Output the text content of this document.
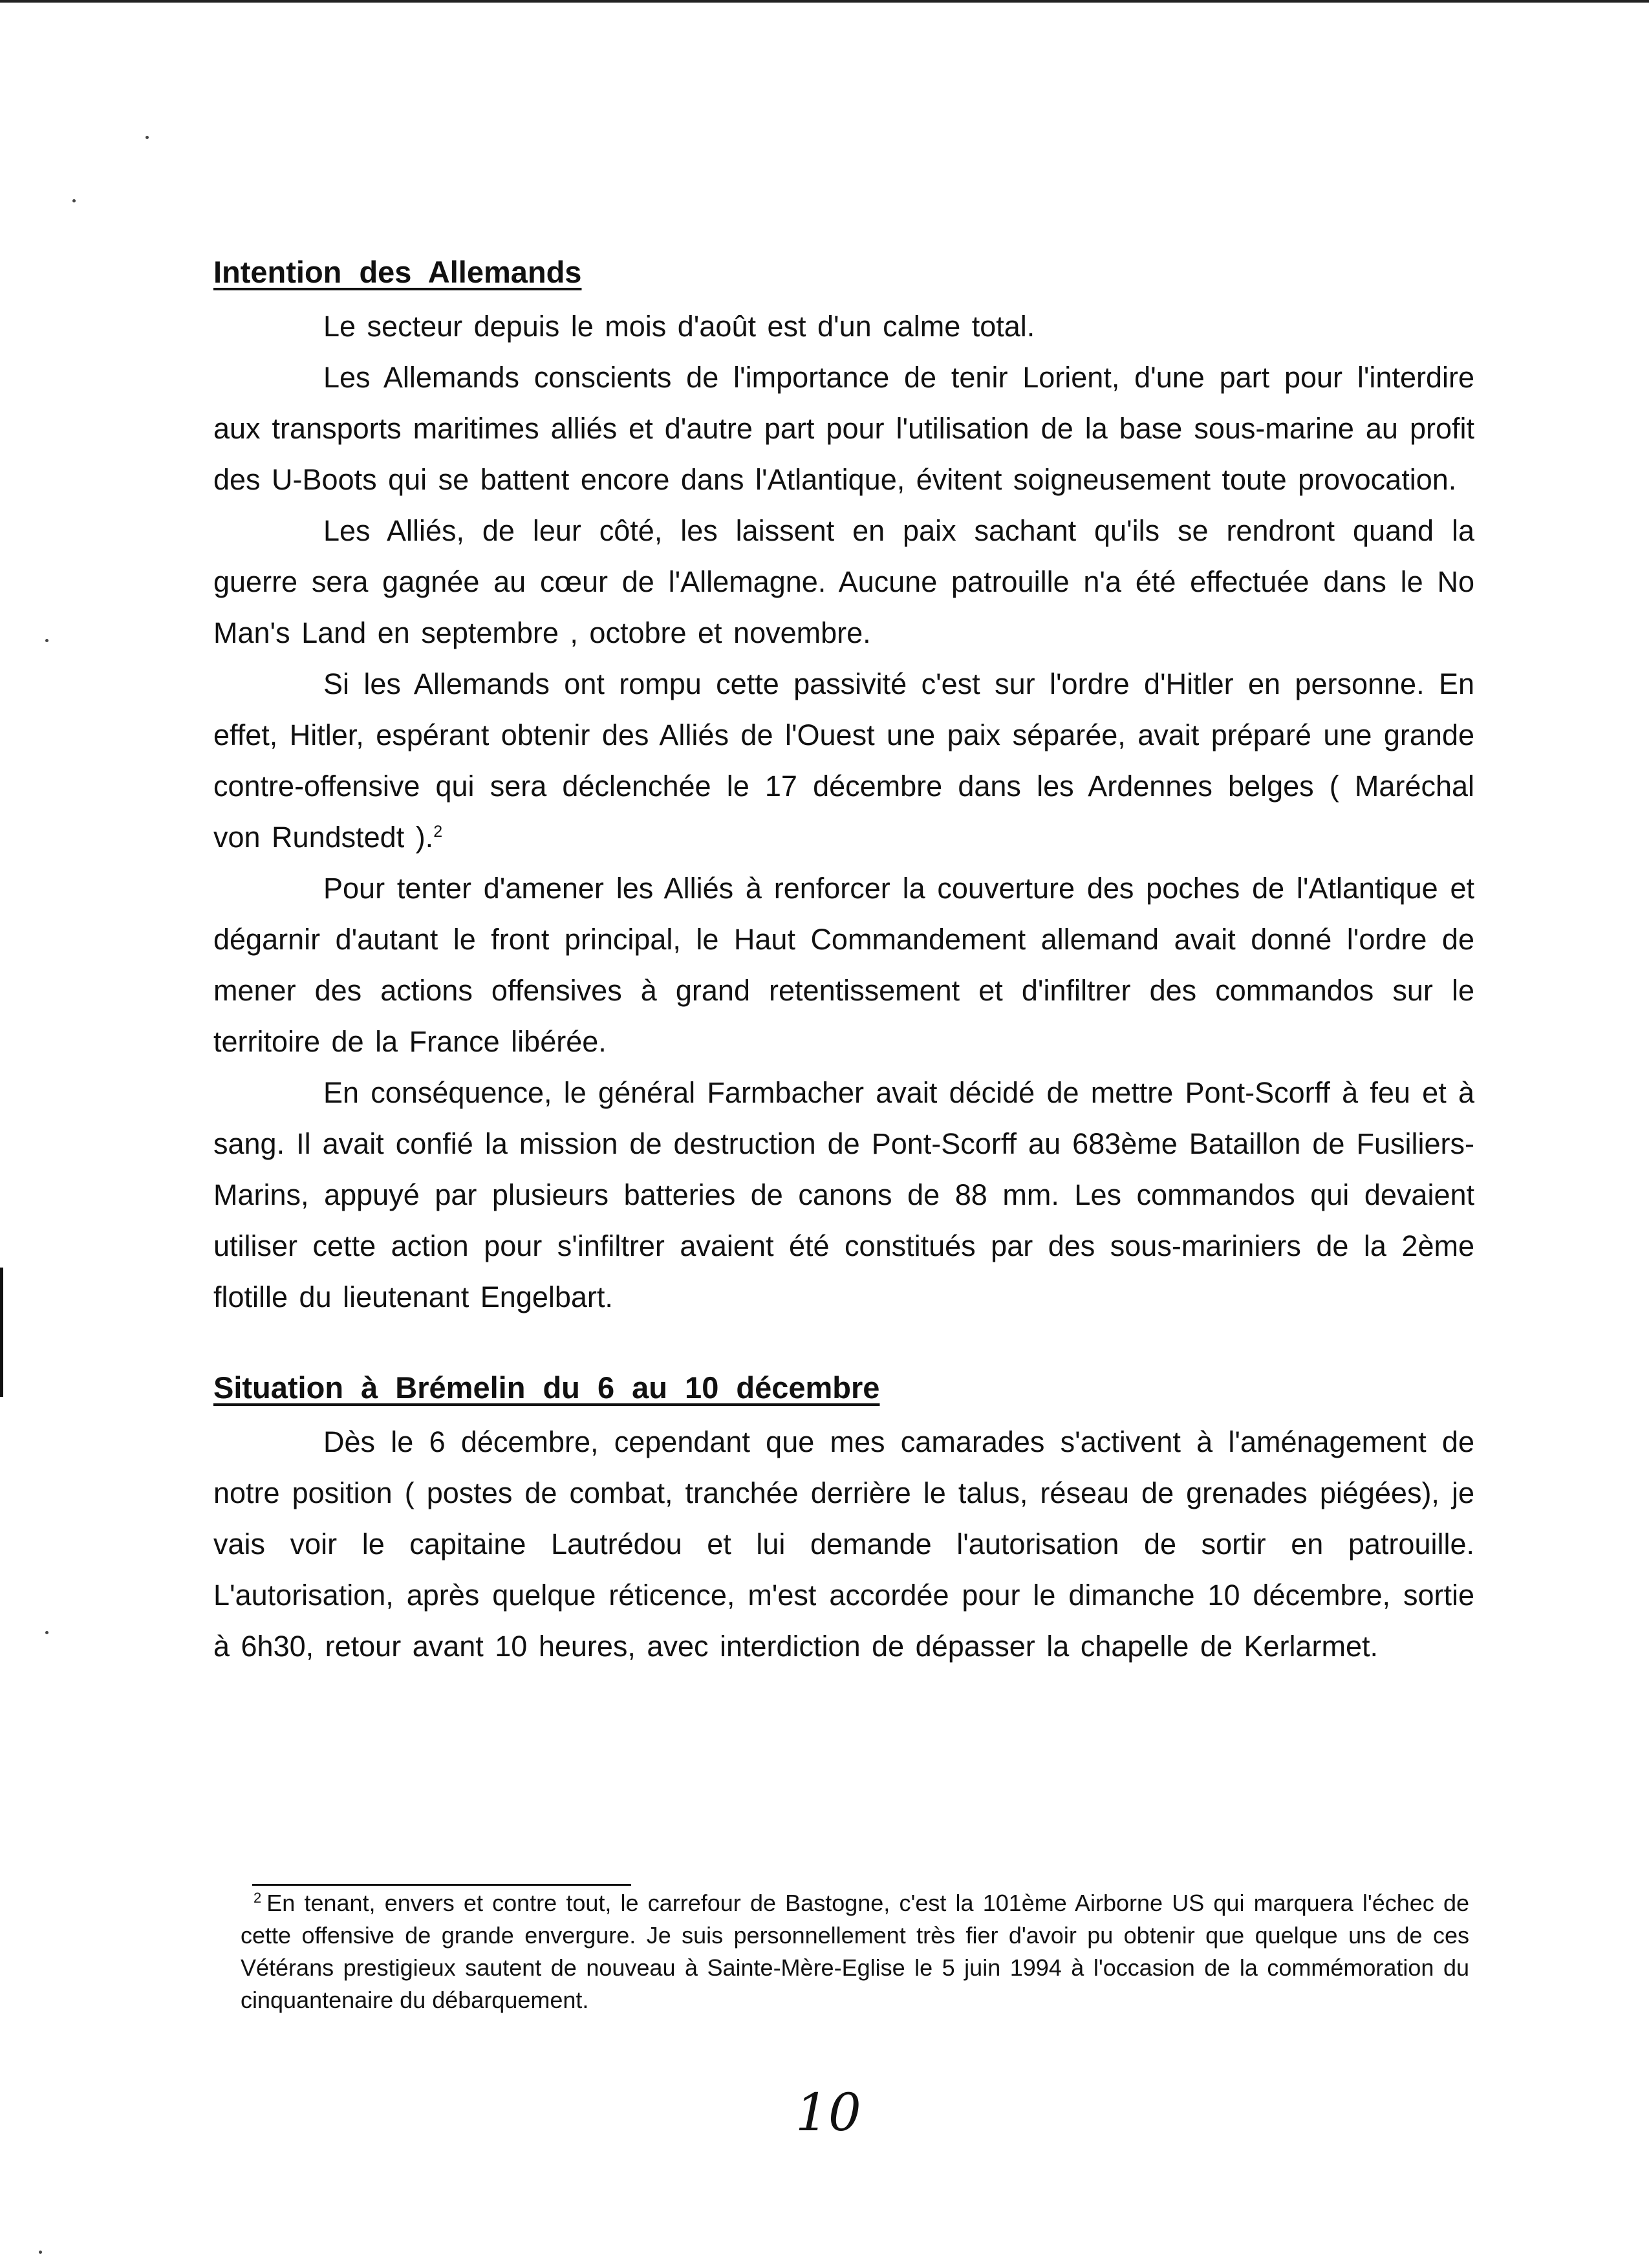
Intention des Allemands

Le secteur depuis le mois d'août est d'un calme total.

Les Allemands conscients de l'importance de tenir Lorient, d'une part pour l'interdire aux transports maritimes alliés et d'autre part pour l'utilisation de la base sous-marine au profit des U-Boots qui se battent encore dans l'Atlantique, évitent soigneusement toute provocation.

Les Alliés, de leur côté, les laissent en paix sachant qu'ils se rendront quand la guerre sera gagnée au cœur de l'Allemagne. Aucune patrouille n'a été effectuée dans le No Man's Land en septembre , octobre et novembre.

Si les Allemands ont rompu cette passivité c'est sur l'ordre d'Hitler en personne. En effet, Hitler, espérant obtenir des Alliés de l'Ouest une paix séparée, avait préparé une grande contre-offensive qui sera déclenchée le 17 décembre dans les Ardennes belges ( Maréchal von Rundstedt ).$^2$

Pour tenter d'amener les Alliés à renforcer la couverture des poches de l'Atlantique et dégarnir d'autant le front principal, le Haut Commandement allemand avait donné l'ordre de mener des actions offensives à grand retentissement et d'infiltrer des commandos sur le territoire de la France libérée.

En conséquence, le général Farmbacher avait décidé de mettre Pont-Scorff à feu et à sang. Il avait confié la mission de destruction de Pont-Scorff au 683ème Bataillon de Fusiliers-Marins, appuyé par plusieurs batteries de canons de 88 mm. Les commandos qui devaient utiliser cette action pour s'infiltrer avaient été constitués par des sous-mariniers de la 2ème flotille du lieutenant Engelbart.

Situation à Brémelin du 6 au 10 décembre

Dès le 6 décembre, cependant que mes camarades s'activent à l'aménagement de notre position ( postes de combat, tranchée derrière le talus, réseau de grenades piégées), je vais voir le capitaine Lautrédou et lui demande l'autorisation de sortir en patrouille. L'autorisation, après quelque réticence, m'est accordée pour le dimanche 10 décembre, sortie à 6h30, retour avant 10 heures, avec interdiction de dépasser la chapelle de Kerlarmet.

$^2$ En tenant, envers et contre tout, le carrefour de Bastogne, c'est la 101ème Airborne US qui marquera l'échec de cette offensive de grande envergure. Je suis personnellement très fier d'avoir pu obtenir que quelque uns de ces Vétérans prestigieux sautent de nouveau à Sainte-Mère-Eglise le 5 juin 1994 à l'occasion de la commémoration du cinquantenaire du débarquement.

10
